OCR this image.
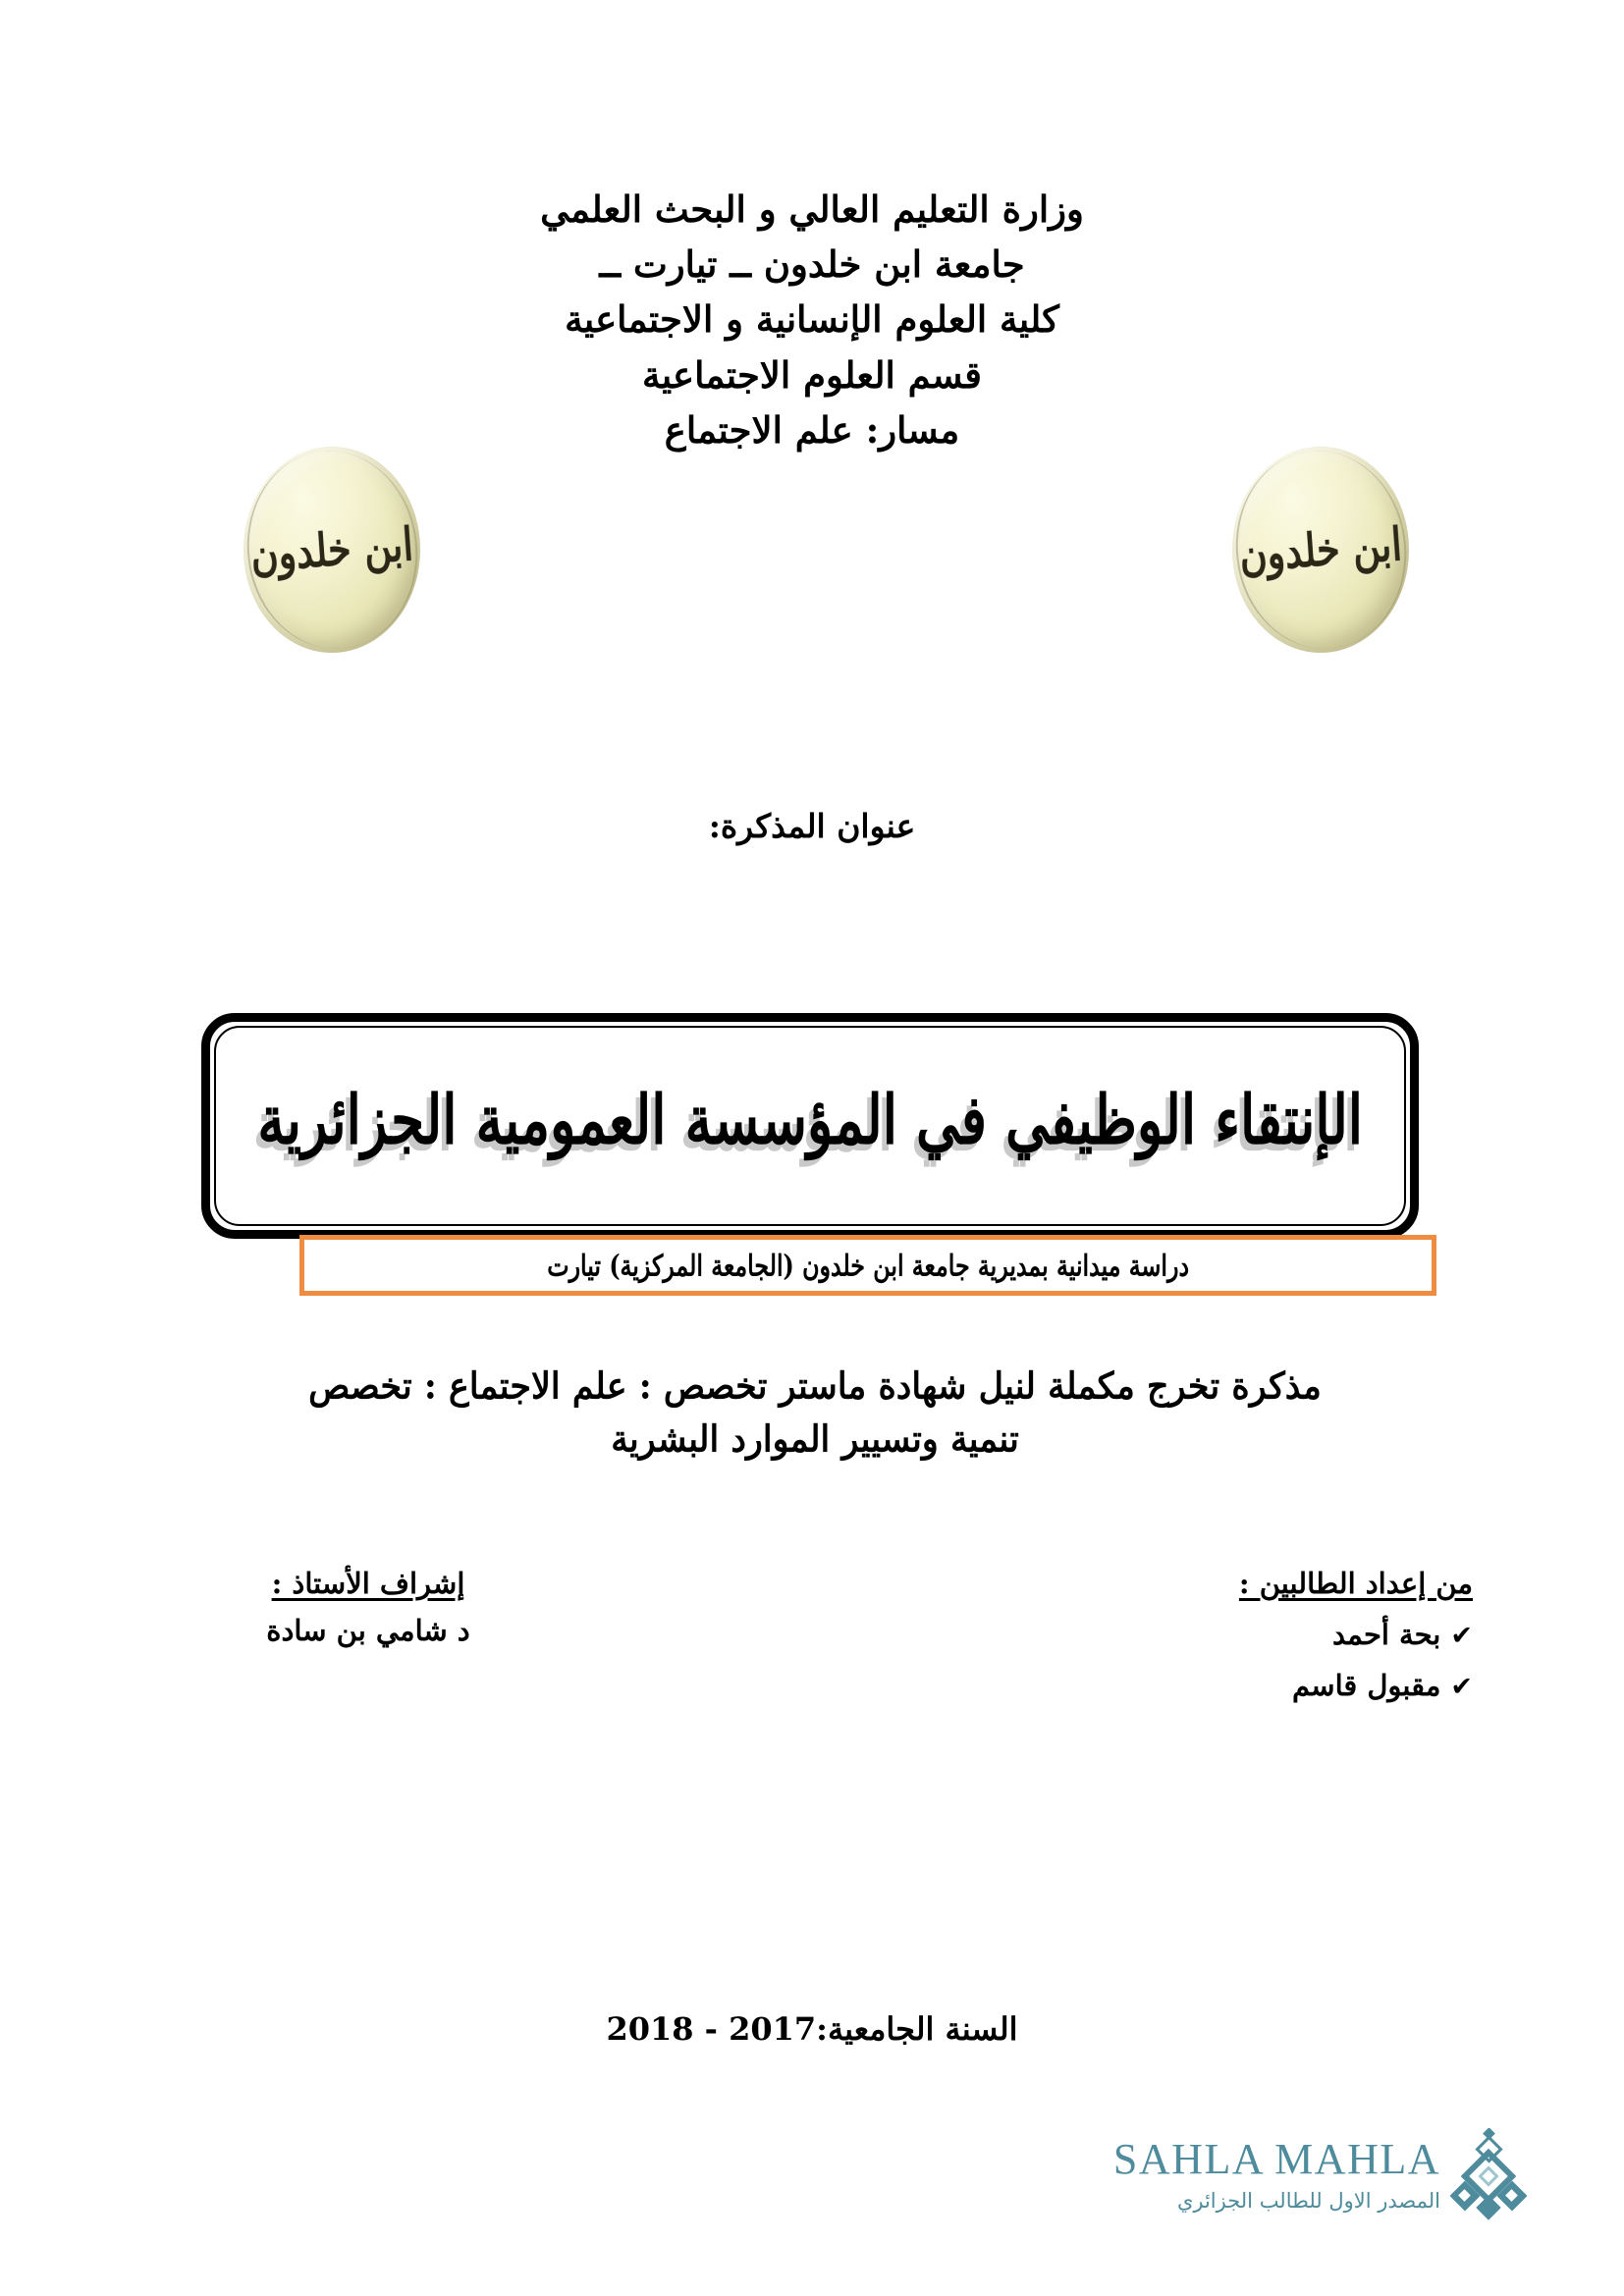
وزارة التعليم العالي و البحث العلمي
جامعة ابن خلدون ــ تيارت ــ
كلية العلوم الإنسانية و الاجتماعية
قسم العلوم الاجتماعية
مسار: علم الاجتماع
ابن خلدون	ابن خلدون
عنوان المذكرة:
الإنتقاء الوظيفي في المؤسسة العمومية الجزائرية
دراسة ميدانية بمديرية جامعة ابن خلدون (الجامعة المركزية) تيارت
مذكرة تخرج مكملة لنيل شهادة ماستر تخصص : علم الاجتماع : تخصص
تنمية وتسيير الموارد البشرية
إشراف الأستاذ :
د شامي بن سادة
من إعداد الطالبين :
✔بحة أحمد
✔مقبول قاسم
السنة الجامعية:2017 - 2018
SAHLA MAHLA
المصدر الاول للطالب الجزائري
